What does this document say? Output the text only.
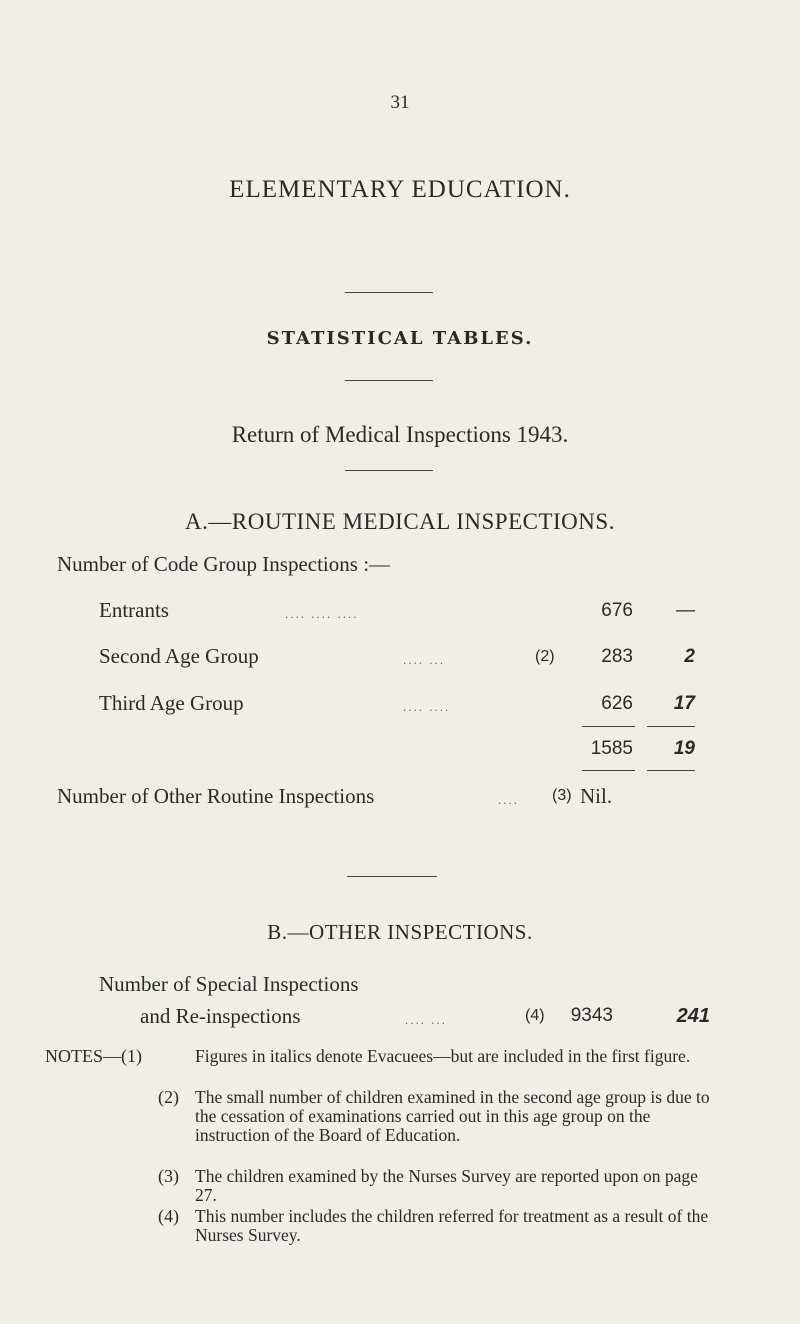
31
ELEMENTARY EDUCATION.
STATISTICAL TABLES.
Return of Medical Inspections 1943.
A.—ROUTINE MEDICAL INSPECTIONS.
Number of Code Group Inspections :—
Entrants	.... .... ....	676	—
Second Age Group	.... ...	(2)	283	2
Third Age Group	.... ....	626	17
1585	19
Number of Other Routine Inspections	.... (3) Nil.
B.—OTHER INSPECTIONS.
Number of Special Inspections
and Re-inspections	.... ...	(4)	9343	241
NOTES—(1)	Figures in italics denote Evacuees—but are included in the first figure.
(2) The small number of children examined in the second age group is due to the cessation of examinations carried out in this age group on the instruction of the Board of Education.
(3) The children examined by the Nurses Survey are reported upon on page 27.
(4) This number includes the children referred for treatment as a result of the Nurses Survey.
